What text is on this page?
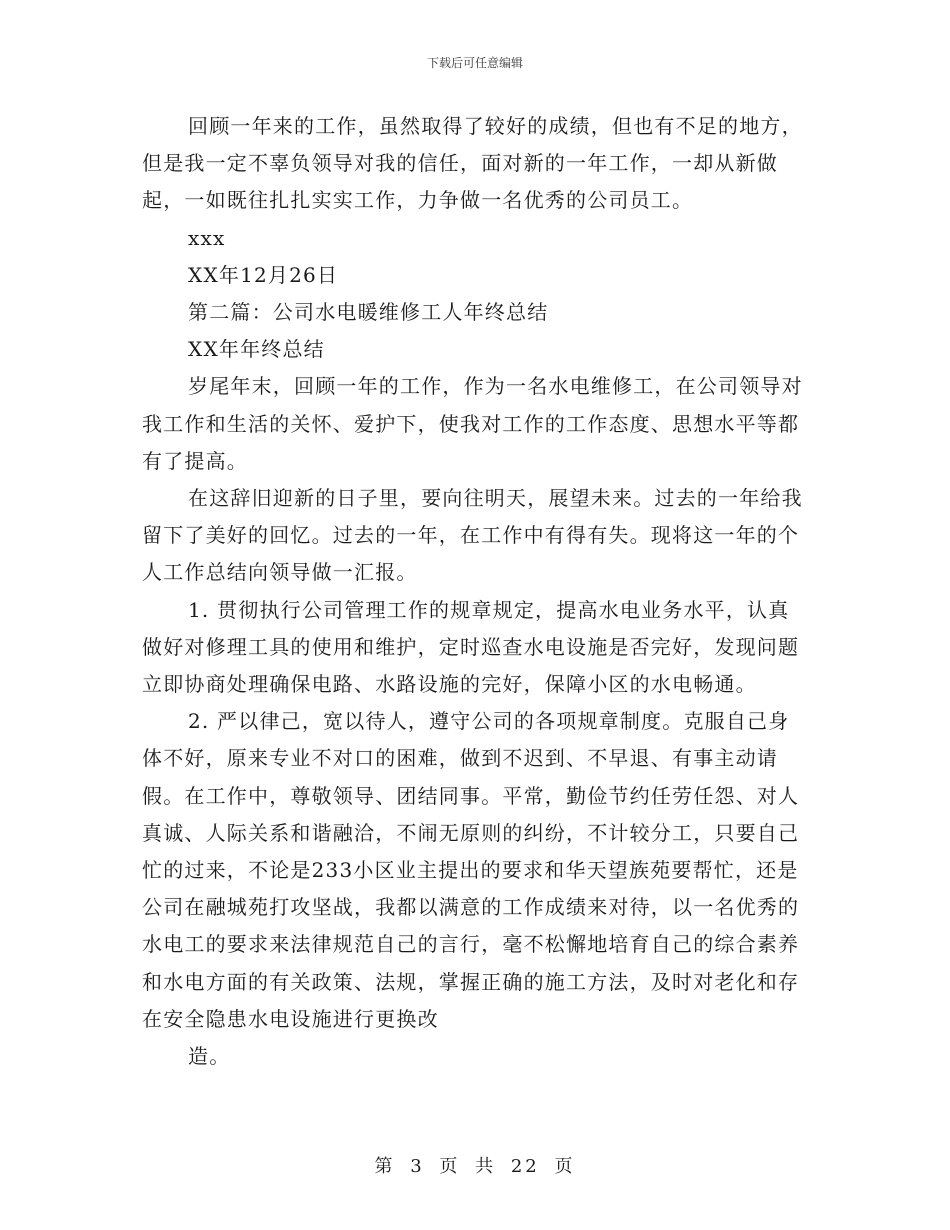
下载后可任意编辑

回顾一年来的工作，虽然取得了较好的成绩，但也有不足的地方，但是我一定不辜负领导对我的信任，面对新的一年工作，一却从新做起，一如既往扎扎实实工作，力争做一名优秀的公司员工。

xxx

XX年12月26日

第二篇：公司水电暖维修工人年终总结

XX年年终总结

岁尾年末，回顾一年的工作，作为一名水电维修工，在公司领导对我工作和生活的关怀、爱护下，使我对工作的工作态度、思想水平等都有了提高。

在这辞旧迎新的日子里，要向往明天，展望未来。过去的一年给我留下了美好的回忆。过去的一年，在工作中有得有失。现将这一年的个人工作总结向领导做一汇报。

1. 贯彻执行公司管理工作的规章规定，提高水电业务水平，认真做好对修理工具的使用和维护，定时巡查水电设施是否完好，发现问题立即协商处理确保电路、水路设施的完好，保障小区的水电畅通。

2. 严以律己，宽以待人，遵守公司的各项规章制度。克服自己身体不好，原来专业不对口的困难，做到不迟到、不早退、有事主动请假。在工作中，尊敬领导、团结同事。平常，勤俭节约任劳任怨、对人真诚、人际关系和谐融洽，不闹无原则的纠纷，不计较分工，只要自己忙的过来，不论是233小区业主提出的要求和华天望族苑要帮忙，还是公司在融城苑打攻坚战，我都以满意的工作成绩来对待，以一名优秀的水电工的要求来法律规范自己的言行，毫不松懈地培育自己的综合素养和水电方面的有关政策、法规，掌握正确的施工方法，及时对老化和存在安全隐患水电设施进行更换改

造。

第 3 页 共 22 页
